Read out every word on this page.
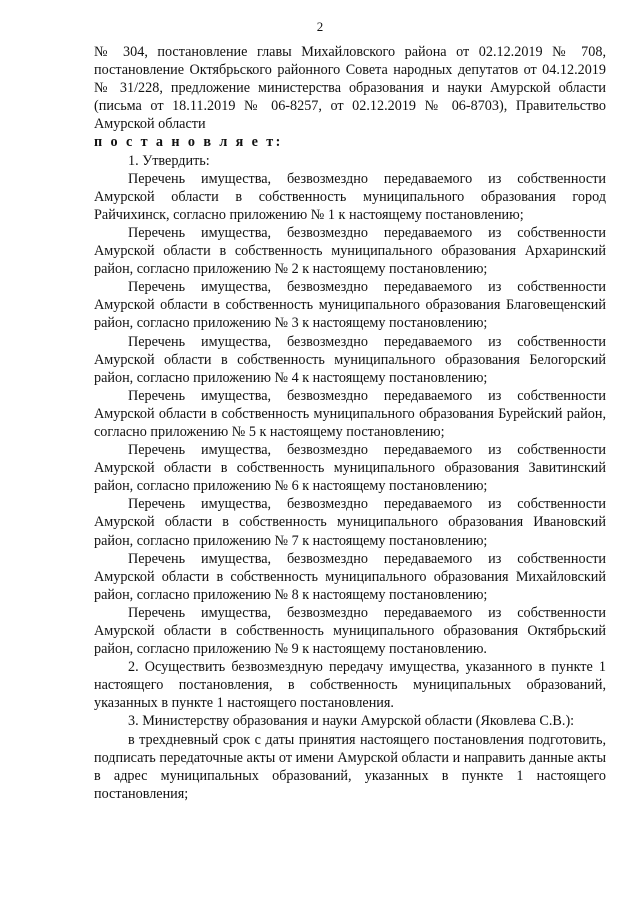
2

№ 304, постановление главы Михайловского района от 02.12.2019 № 708, постановление Октябрьского районного Совета народных депутатов от 04.12.2019 № 31/228, предложение министерства образования и науки Амурской области (письма от 18.11.2019 № 06-8257, от 02.12.2019 № 06-8703), Правительство Амурской области

п о с т а н о в л я е т:

1. Утвердить:

Перечень имущества, безвозмездно передаваемого из собственности Амурской области в собственность муниципального образования город Райчихинск, согласно приложению № 1 к настоящему постановлению;

Перечень имущества, безвозмездно передаваемого из собственности Амурской области в собственность муниципального образования Архаринский район, согласно приложению № 2 к настоящему постановлению;

Перечень имущества, безвозмездно передаваемого из собственности Амурской области в собственность муниципального образования Благовещенский район, согласно приложению № 3 к настоящему постановлению;

Перечень имущества, безвозмездно передаваемого из собственности Амурской области в собственность муниципального образования Белогорский район, согласно приложению № 4 к настоящему постановлению;

Перечень имущества, безвозмездно передаваемого из собственности Амурской области в собственность муниципального образования Бурейский район, согласно приложению № 5 к настоящему постановлению;

Перечень имущества, безвозмездно передаваемого из собственности Амурской области в собственность муниципального образования Завитинский район, согласно приложению № 6 к настоящему постановлению;

Перечень имущества, безвозмездно передаваемого из собственности Амурской области в собственность муниципального образования Ивановский район, согласно приложению № 7 к настоящему постановлению;

Перечень имущества, безвозмездно передаваемого из собственности Амурской области в собственность муниципального образования Михайловский район, согласно приложению № 8 к настоящему постановлению;

Перечень имущества, безвозмездно передаваемого из собственности Амурской области в собственность муниципального образования Октябрьский район, согласно приложению № 9 к настоящему постановлению.

2. Осуществить безвозмездную передачу имущества, указанного в пункте 1 настоящего постановления, в собственность муниципальных образований, указанных в пункте 1 настоящего постановления.

3. Министерству образования и науки Амурской области (Яковлева С.В.):

в трехдневный срок с даты принятия настоящего постановления подготовить, подписать передаточные акты от имени Амурской области и направить данные акты в адрес муниципальных образований, указанных в пункте 1 настоящего постановления;
